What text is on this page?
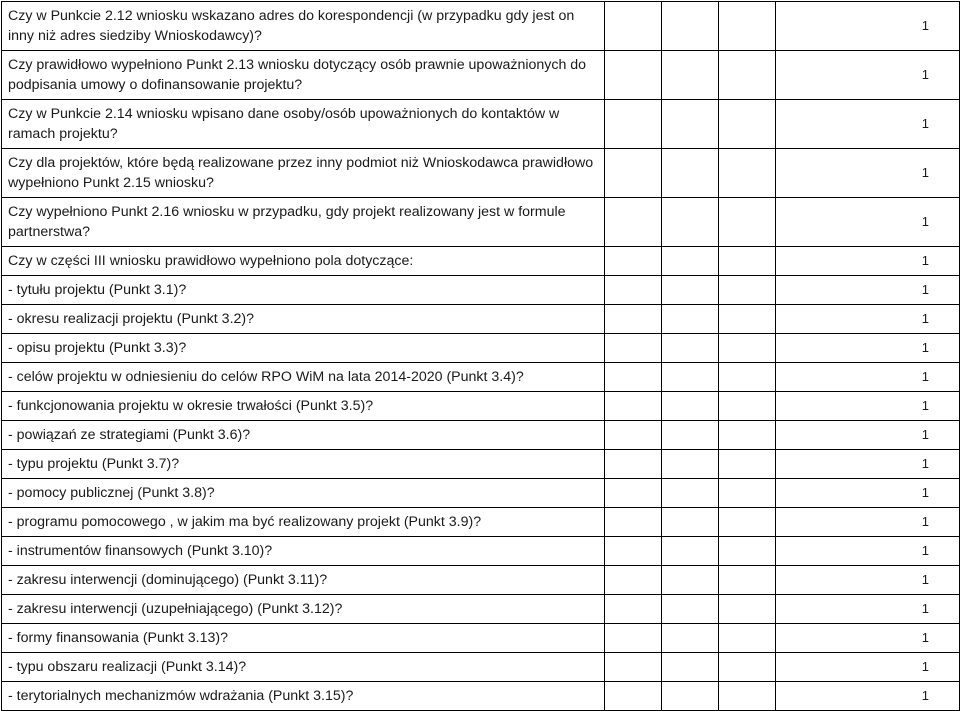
Czy w Punkcie 2.12 wniosku wskazano adres do korespondencji (w przypadku gdy jest on inny niż adres siedziby Wnioskodawcy)?				1
Czy prawidłowo wypełniono Punkt 2.13 wniosku dotyczący osób prawnie upoważnionych do podpisania umowy o dofinansowanie projektu?				1
Czy w Punkcie 2.14 wniosku wpisano dane osoby/osób upoważnionych do kontaktów w ramach projektu?				1
Czy dla projektów, które będą realizowane przez inny podmiot niż Wnioskodawca prawidłowo wypełniono Punkt 2.15 wniosku?				1
Czy wypełniono Punkt 2.16 wniosku w przypadku, gdy projekt realizowany jest w formule partnerstwa?				1
Czy w części III wniosku prawidłowo wypełniono pola dotyczące:				1
- tytułu projektu (Punkt 3.1)?				1
- okresu realizacji projektu (Punkt 3.2)?				1
- opisu projektu (Punkt 3.3)?				1
- celów projektu w odniesieniu do celów RPO WiM na lata 2014-2020 (Punkt 3.4)?				1
- funkcjonowania projektu w okresie trwałości (Punkt 3.5)?				1
- powiązań ze strategiami (Punkt 3.6)?				1
- typu projektu (Punkt 3.7)?				1
- pomocy publicznej (Punkt 3.8)?				1
- programu pomocowego , w jakim ma być realizowany projekt (Punkt 3.9)?				1
- instrumentów finansowych (Punkt 3.10)?				1
- zakresu interwencji (dominującego) (Punkt 3.11)?				1
- zakresu interwencji (uzupełniającego) (Punkt 3.12)?				1
- formy finansowania (Punkt 3.13)?				1
- typu obszaru realizacji (Punkt 3.14)?				1
- terytorialnych mechanizmów wdrażania (Punkt 3.15)?				1
